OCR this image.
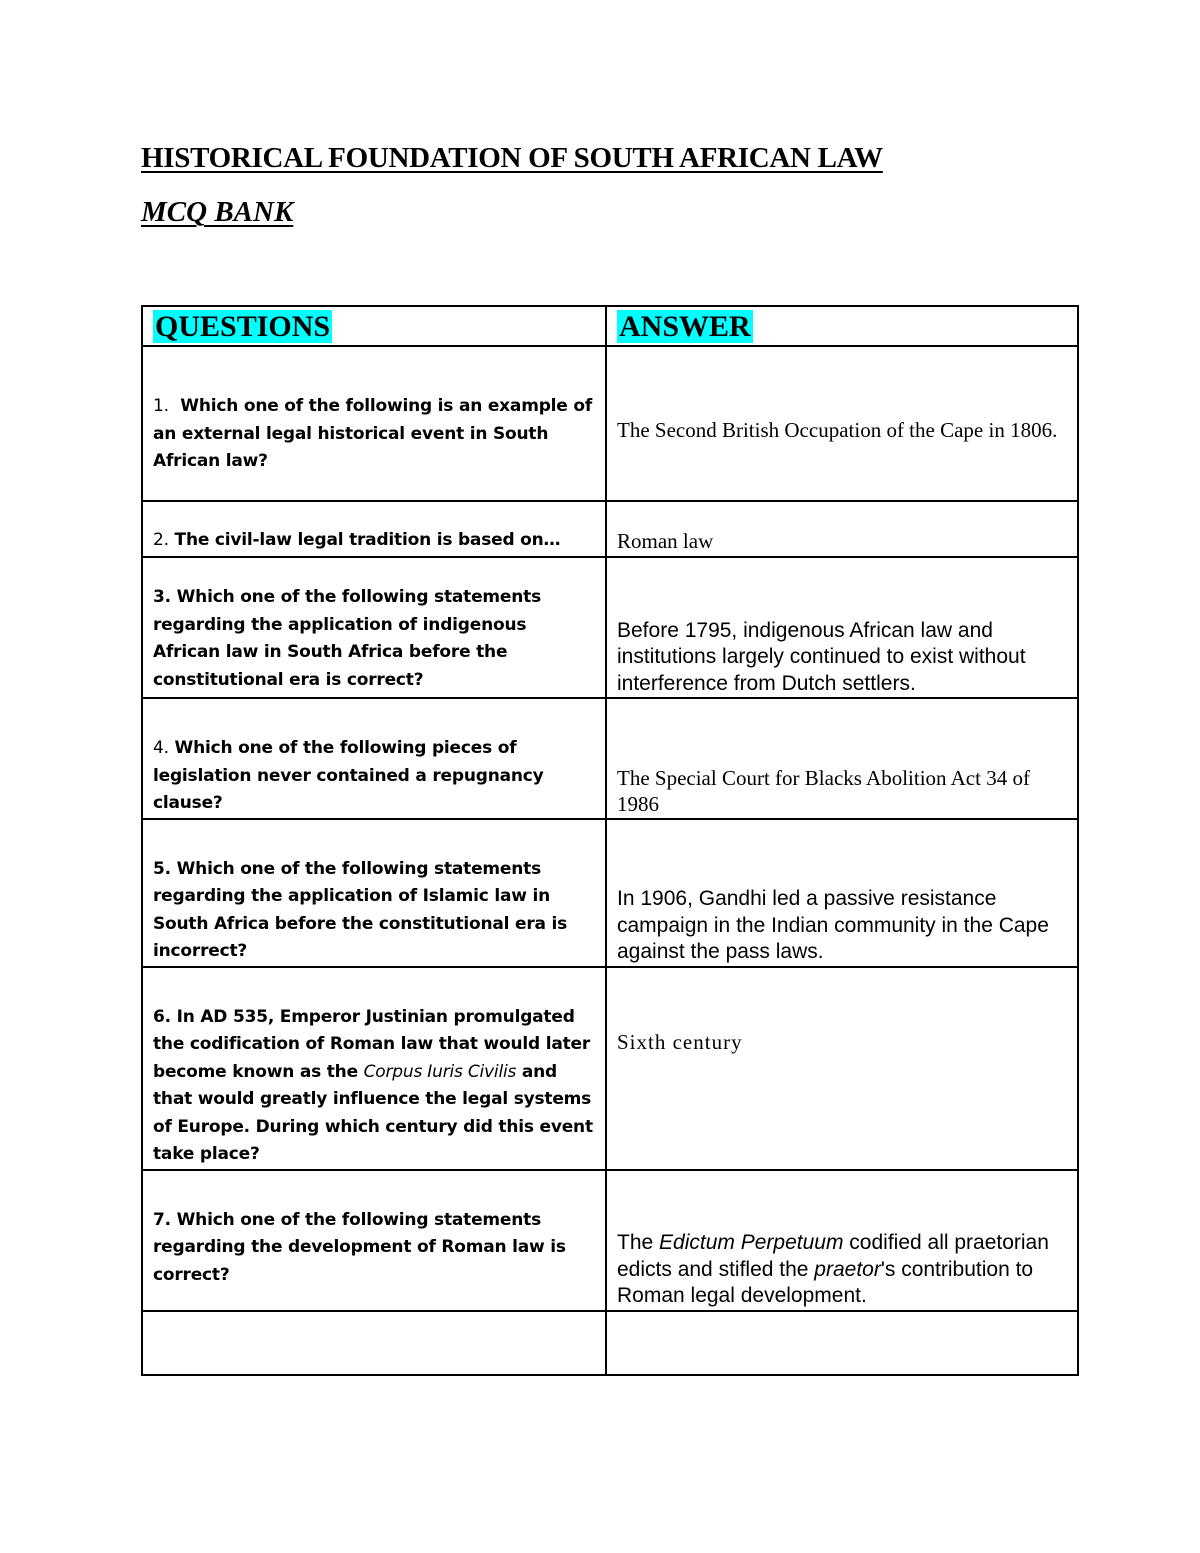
HISTORICAL FOUNDATION OF SOUTH AFRICAN LAW
MCQ BANK
QUESTIONS	ANSWER

1. Which one of the following is an example of an external legal historical event in South African law?	The Second British Occupation of the Cape in 1806.

2. The civil-law legal tradition is based on…	Roman law

3. Which one of the following statements regarding the application of indigenous African law in South Africa before the constitutional era is correct?	Before 1795, indigenous African law and institutions largely continued to exist without interference from Dutch settlers.

4. Which one of the following pieces of legislation never contained a repugnancy clause?	The Special Court for Blacks Abolition Act 34 of 1986

5. Which one of the following statements regarding the application of Islamic law in South Africa before the constitutional era is incorrect?	In 1906, Gandhi led a passive resistance campaign in the Indian community in the Cape against the pass laws.

6. In AD 535, Emperor Justinian promulgated the codification of Roman law that would later become known as the Corpus Iuris Civilis and that would greatly influence the legal systems of Europe. During which century did this event take place?	Sixth century

7. Which one of the following statements regarding the development of Roman law is correct?	The Edictum Perpetuum codified all praetorian edicts and stifled the praetor's contribution to Roman legal development.
